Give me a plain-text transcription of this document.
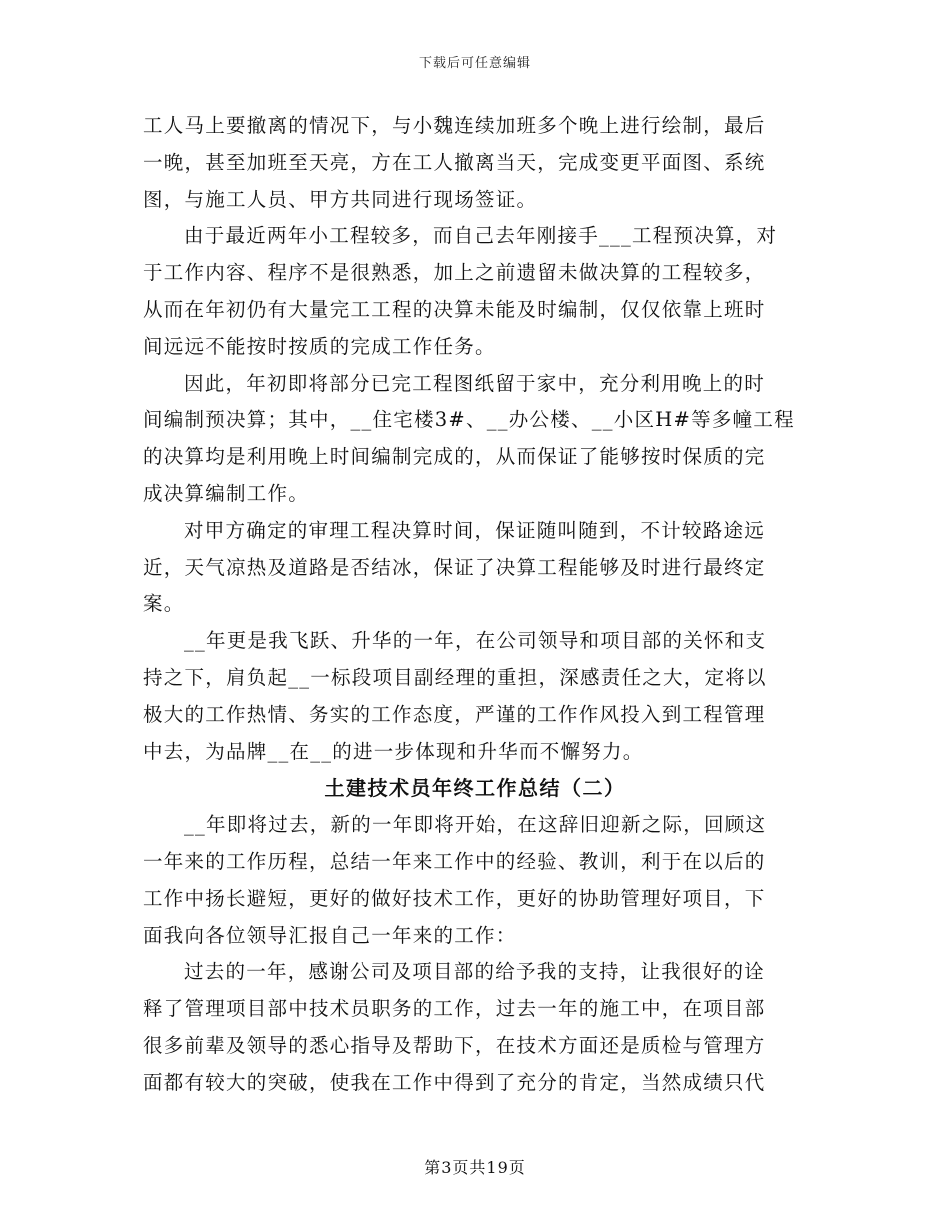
下载后可任意编辑

工人马上要撤离的情况下，与小魏连续加班多个晚上进行绘制，最后
一晚，甚至加班至天亮，方在工人撤离当天，完成变更平面图、系统
图，与施工人员、甲方共同进行现场签证。

由于最近两年小工程较多，而自己去年刚接手___工程预决算，对
于工作内容、程序不是很熟悉，加上之前遗留未做决算的工程较多，
从而在年初仍有大量完工工程的决算未能及时编制，仅仅依靠上班时
间远远不能按时按质的完成工作任务。

因此，年初即将部分已完工程图纸留于家中，充分利用晚上的时
间编制预决算；其中，__住宅楼3#、__办公楼、__小区H#等多幢工程
的决算均是利用晚上时间编制完成的，从而保证了能够按时保质的完
成决算编制工作。

对甲方确定的审理工程决算时间，保证随叫随到，不计较路途远
近，天气凉热及道路是否结冰，保证了决算工程能够及时进行最终定
案。

__年更是我飞跃、升华的一年，在公司领导和项目部的关怀和支
持之下，肩负起__一标段项目副经理的重担，深感责任之大，定将以
极大的工作热情、务实的工作态度，严谨的工作作风投入到工程管理
中去，为品牌__在__的进一步体现和升华而不懈努力。

土建技术员年终工作总结（二）

__年即将过去，新的一年即将开始，在这辞旧迎新之际，回顾这
一年来的工作历程，总结一年来工作中的经验、教训，利于在以后的
工作中扬长避短，更好的做好技术工作，更好的协助管理好项目，下
面我向各位领导汇报自己一年来的工作：

过去的一年，感谢公司及项目部的给予我的支持，让我很好的诠
释了管理项目部中技术员职务的工作，过去一年的施工中，在项目部
很多前辈及领导的悉心指导及帮助下，在技术方面还是质检与管理方
面都有较大的突破，使我在工作中得到了充分的肯定，当然成绩只代

第3页共19页
